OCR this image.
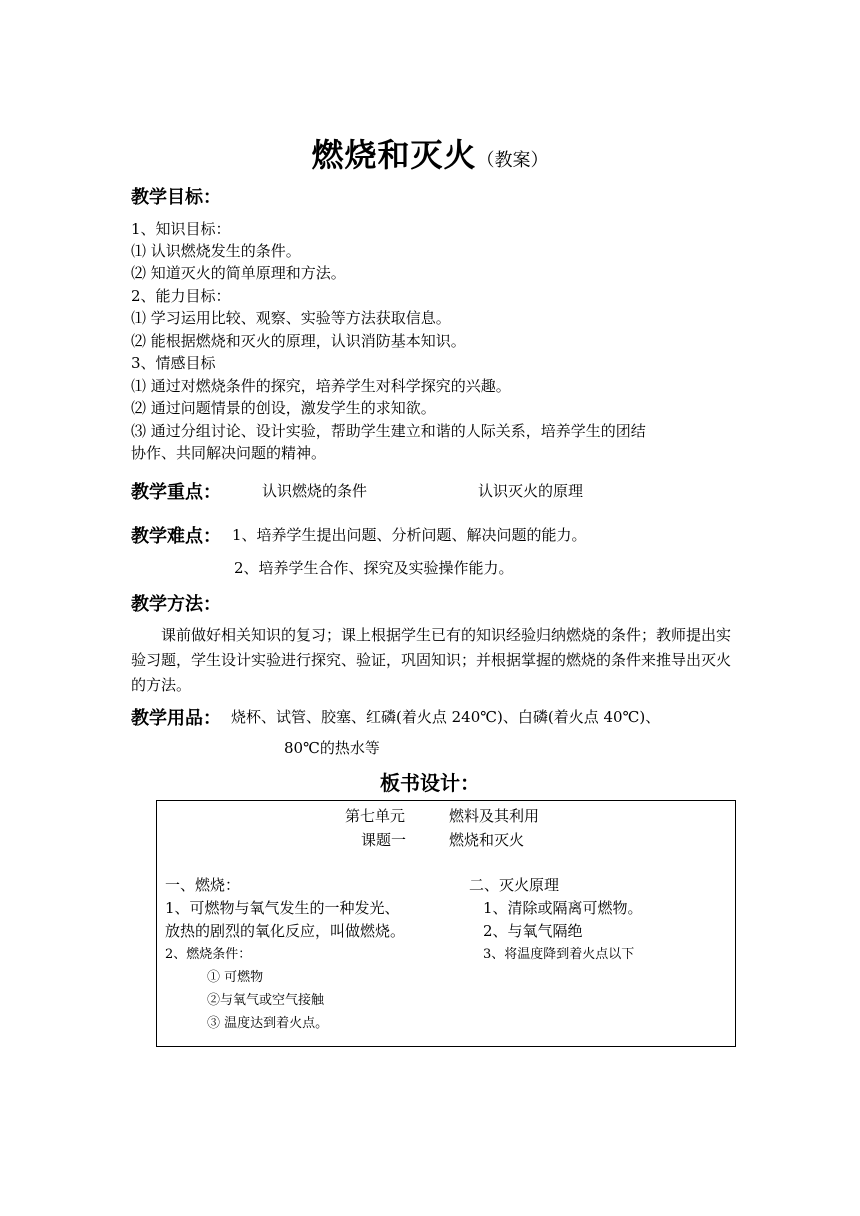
燃烧和灭火（教案）
教学目标：
1、知识目标：
⑴ 认识燃烧发生的条件。
⑵ 知道灭火的简单原理和方法。
2、能力目标：
⑴ 学习运用比较、观察、实验等方法获取信息。
⑵ 能根据燃烧和灭火的原理，认识消防基本知识。
3、情感目标
⑴ 通过对燃烧条件的探究，培养学生对科学探究的兴趣。
⑵ 通过问题情景的创设，激发学生的求知欲。
⑶ 通过分组讨论、设计实验，帮助学生建立和谐的人际关系，培养学生的团结
协作、共同解决问题的精神。
教学重点：	认识燃烧的条件	认识灭火的原理
教学难点： 1、培养学生提出问题、分析问题、解决问题的能力。
2、培养学生合作、探究及实验操作能力。
教学方法：
课前做好相关知识的复习；课上根据学生已有的知识经验归纳燃烧的条件；教师提出实验习题，学生设计实验进行探究、验证，巩固知识；并根据掌握的燃烧的条件来推导出灭火的方法。
教学用品： 烧杯、试管、胶塞、红磷(着火点 240℃)、白磷(着火点 40℃)、
80℃的热水等
板书设计：
第七单元	燃料及其利用
课题一	燃烧和灭火
一、燃烧：
1、可燃物与氧气发生的一种发光、
放热的剧烈的氧化反应，叫做燃烧。
2、燃烧条件：
① 可燃物
②与氧气或空气接触
③ 温度达到着火点。
二、灭火原理
1、清除或隔离可燃物。
2、与氧气隔绝
3、将温度降到着火点以下
